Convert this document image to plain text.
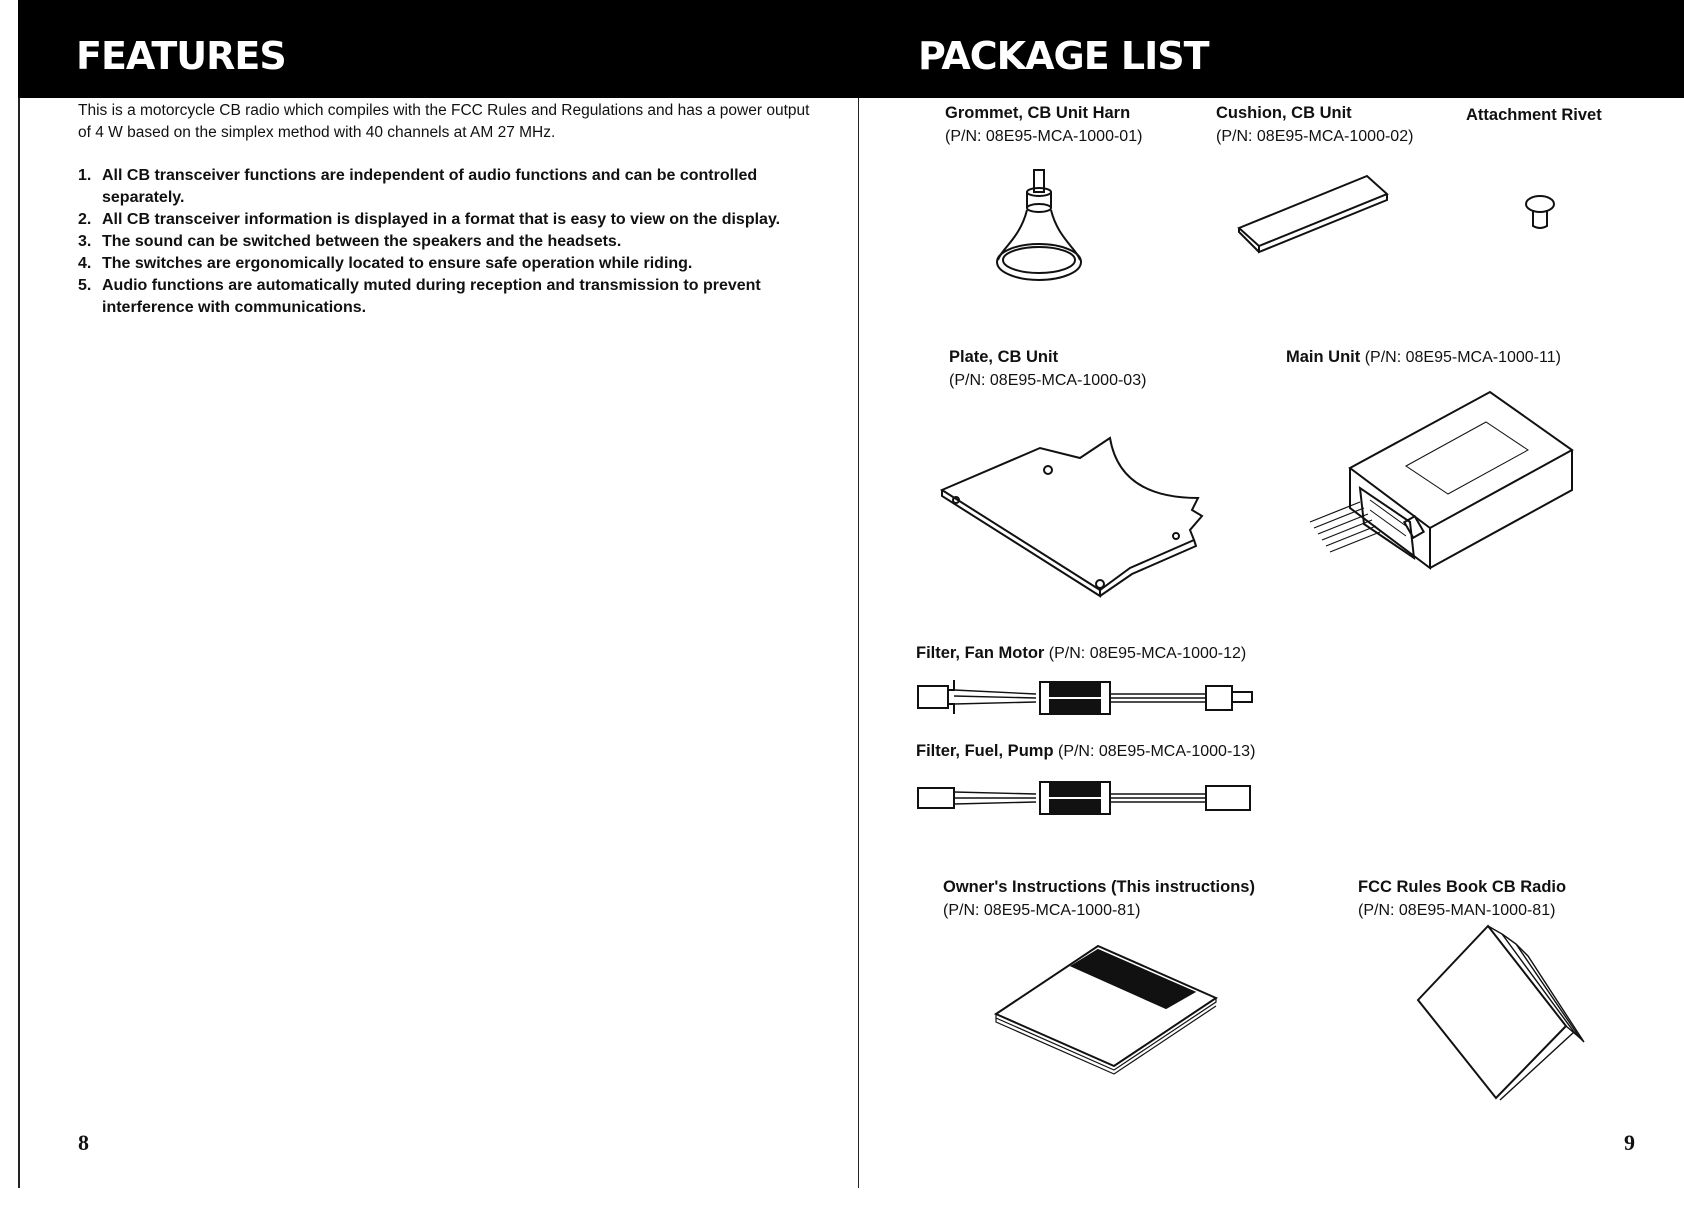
FEATURES

This is a motorcycle CB radio which compiles with the FCC Rules and Regulations and has a power output of 4 W based on the simplex method with 40 channels at AM 27 MHz.

1. All CB transceiver functions are independent of audio functions and can be controlled separately.
2. All CB transceiver information is displayed in a format that is easy to view on the display.
3. The sound can be switched between the speakers and the headsets.
4. The switches are ergonomically located to ensure safe operation while riding.
5. Audio functions are automatically muted during reception and transmission to prevent interference with communications.
8
PACKAGE LIST
Grommet, CB Unit Harn
(P/N: 08E95-MCA-1000-01)
Cushion, CB Unit
(P/N: 08E95-MCA-1000-02)
Attachment Rivet
Plate, CB Unit
(P/N: 08E95-MCA-1000-03)
Main Unit (P/N: 08E95-MCA-1000-11)
Filter, Fan Motor (P/N: 08E95-MCA-1000-12)
Filter, Fuel, Pump (P/N: 08E95-MCA-1000-13)
Owner's Instructions (This instructions)
(P/N: 08E95-MCA-1000-81)
FCC Rules Book CB Radio
(P/N: 08E95-MAN-1000-81)
9
